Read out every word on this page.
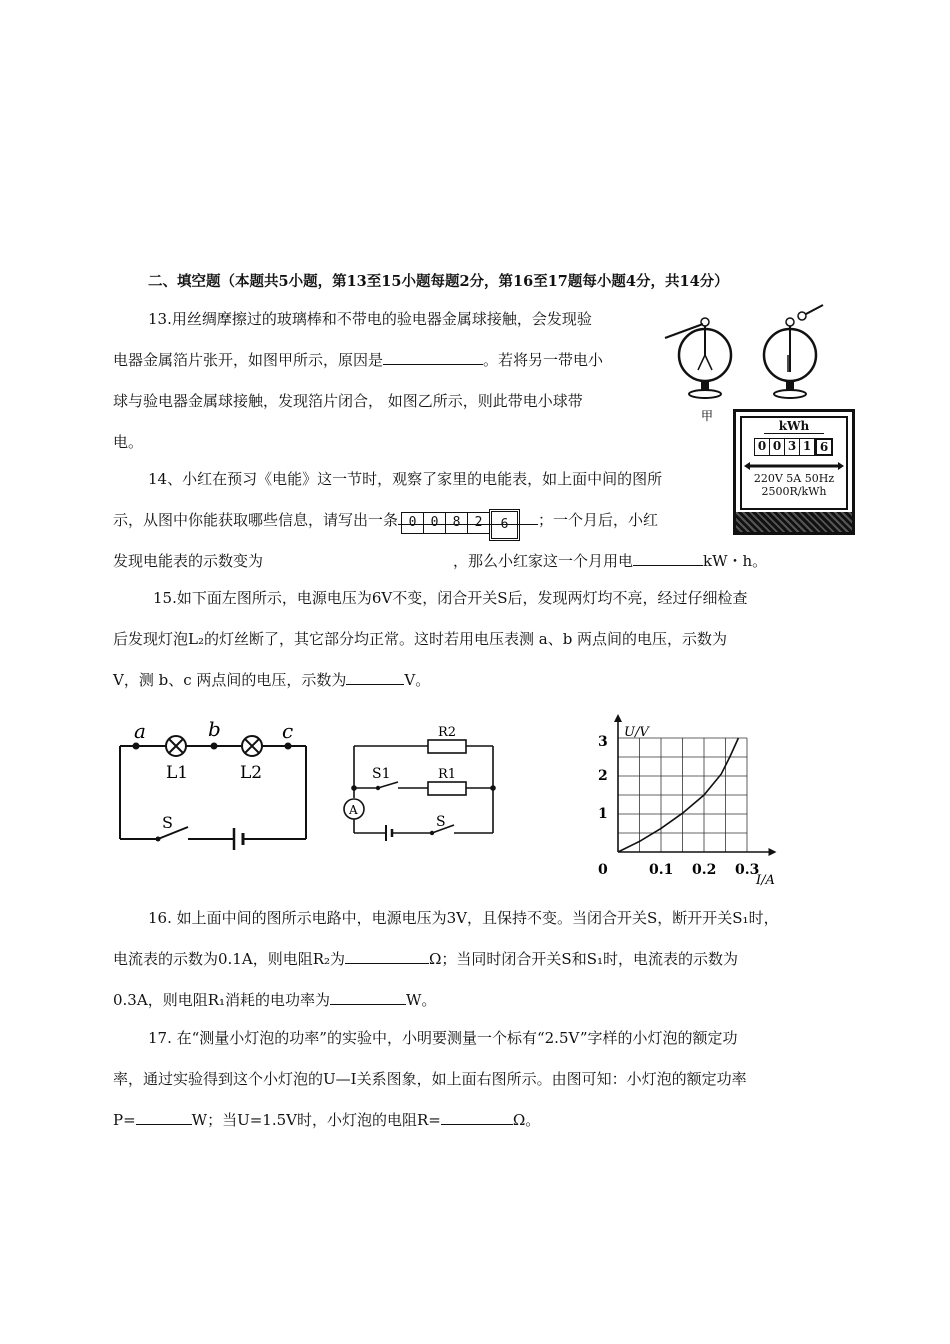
二、填空题（本题共5小题，第13至15小题每题2分，第16至17题每小题4分，共14分）
13.用丝绸摩擦过的玻璃棒和不带电的验电器金属球接触，会发现验
电器金属箔片张开，如图甲所示，原因是	。若将另一带电小
球与验电器金属球接触，发现箔片闭合， 如图乙所示，则此带电小球带
电。
甲
kWh
0 0 3 1 6
220V 5A 50Hz
2500R/kWh
14、小红在预习《电能》这一节时，观察了家里的电能表，如上面中间的图所
示，从图中你能获取哪些信息，请写出一条	；一个月后，小红
0	0	8	2	6
发现电能表的示数变为	，那么小红家这一个月用电	kW・h。
15.如下面左图所示，电源电压为6V不变，闭合开关S后，发现两灯均不亮，经过仔细检查
后发现灯泡L₂的灯丝断了，其它部分均正常。这时若用电压表测 a、b 两点间的电压，示数为
V，测 b、c 两点间的电压，示数为	V。
a	b	c
L1	L2
S
R2
R1
S1
A
S
0.1 0.2 0.3
1
2
3
U/V
I/A
0
16. 如上面中间的图所示电路中，电源电压为3V，且保持不变。当闭合开关S，断开开关S₁时，
电流表的示数为0.1A，则电阻R₂为	Ω；当同时闭合开关S和S₁时，电流表的示数为
0.3A，则电阻R₁消耗的电功率为	W。
17. 在“测量小灯泡的功率”的实验中，小明要测量一个标有“2.5V”字样的小灯泡的额定功
率，通过实验得到这个小灯泡的U—I关系图象，如上面右图所示。由图可知：小灯泡的额定功率
P=	W；当U=1.5V时，小灯泡的电阻R=	Ω。
